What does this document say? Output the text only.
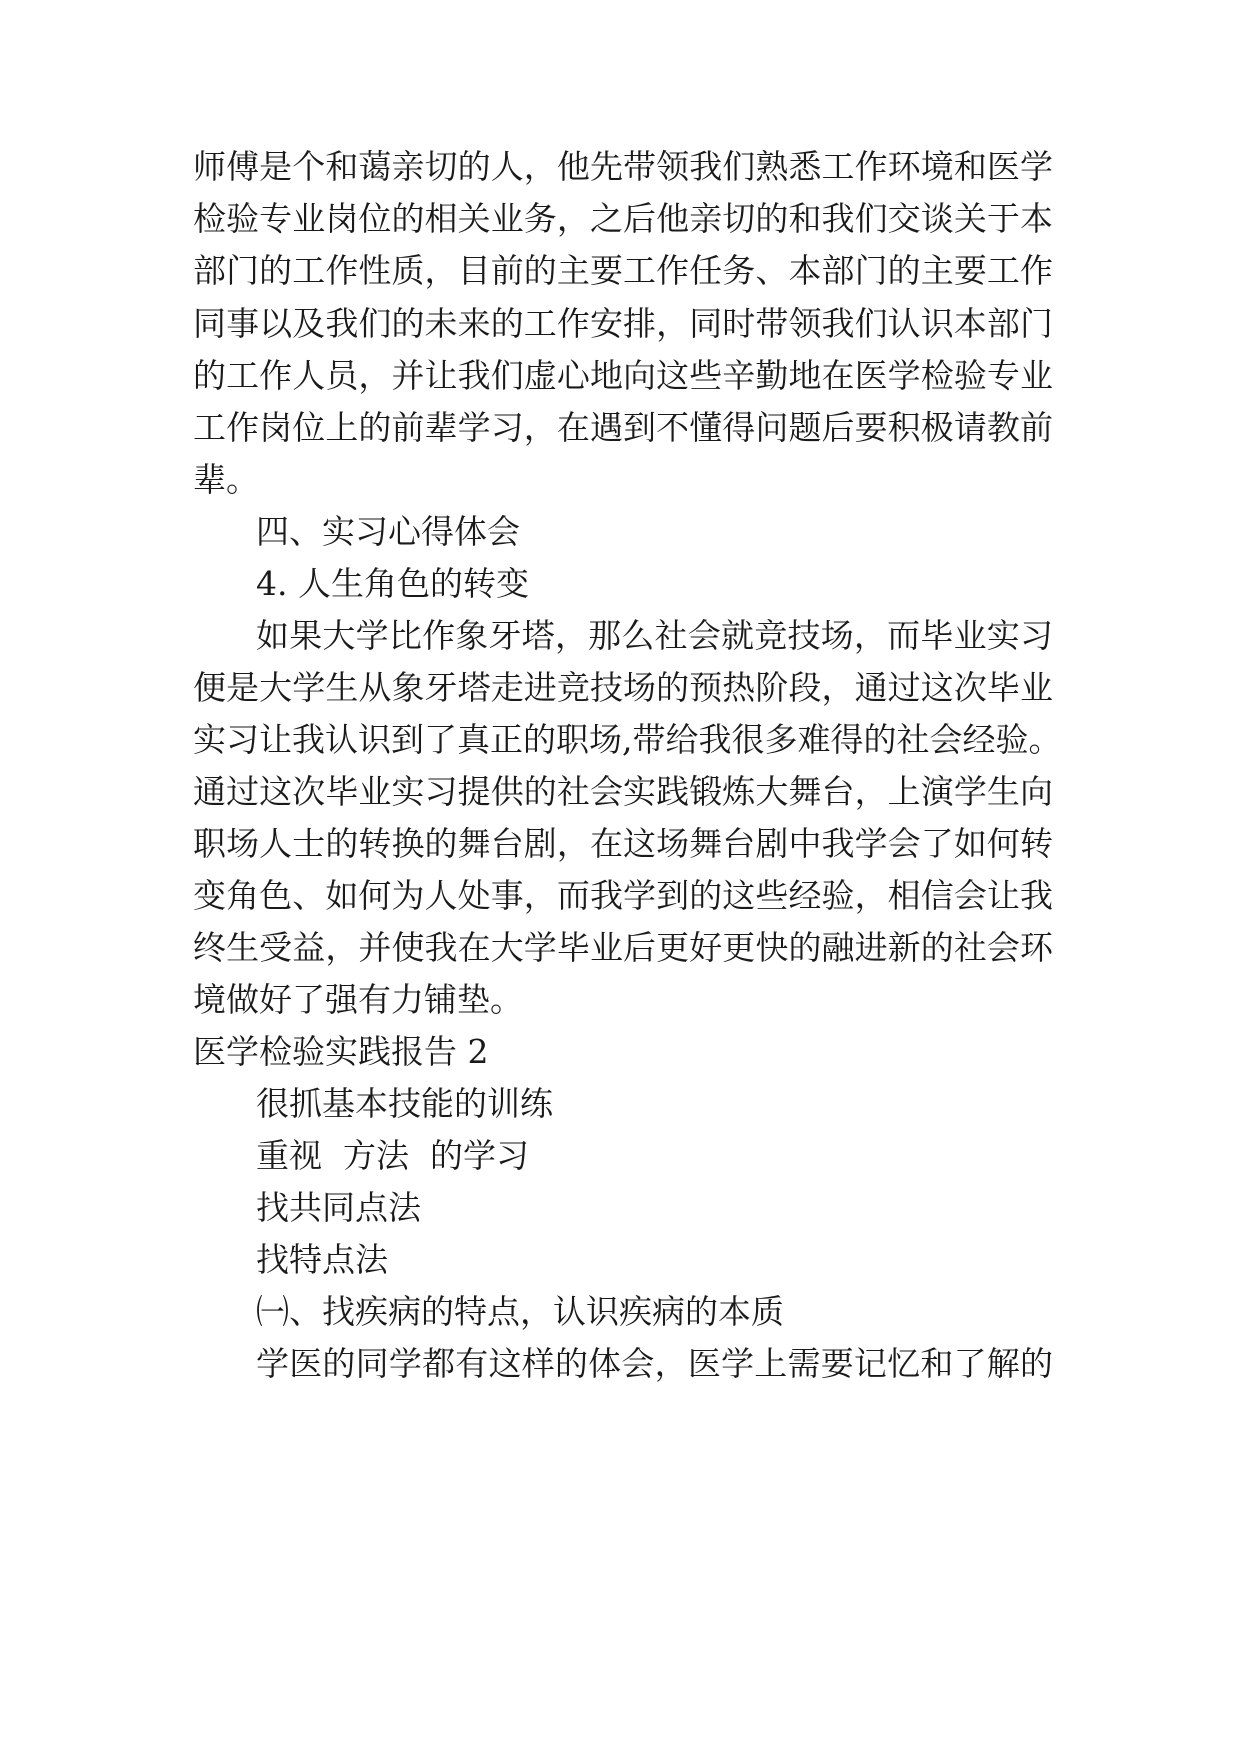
师傅是个和蔼亲切的人，他先带领我们熟悉工作环境和医学
检验专业岗位的相关业务，之后他亲切的和我们交谈关于本
部门的工作性质，目前的主要工作任务、本部门的主要工作
同事以及我们的未来的工作安排，同时带领我们认识本部门
的工作人员，并让我们虚心地向这些辛勤地在医学检验专业
工作岗位上的前辈学习，在遇到不懂得问题后要积极请教前
辈。
四、实习心得体会
4. 人生角色的转变
如果大学比作象牙塔，那么社会就竞技场，而毕业实习
便是大学生从象牙塔走进竞技场的预热阶段，通过这次毕业
实习让我认识到了真正的职场,带给我很多难得的社会经验。
通过这次毕业实习提供的社会实践锻炼大舞台，上演学生向
职场人士的转换的舞台剧，在这场舞台剧中我学会了如何转
变角色、如何为人处事，而我学到的这些经验，相信会让我
终生受益，并使我在大学毕业后更好更快的融进新的社会环
境做好了强有力铺垫。
医学检验实践报告 2
很抓基本技能的训练
重视  方法  的学习
找共同点法
找特点法
㈠、找疾病的特点，认识疾病的本质
学医的同学都有这样的体会，医学上需要记忆和了解的
